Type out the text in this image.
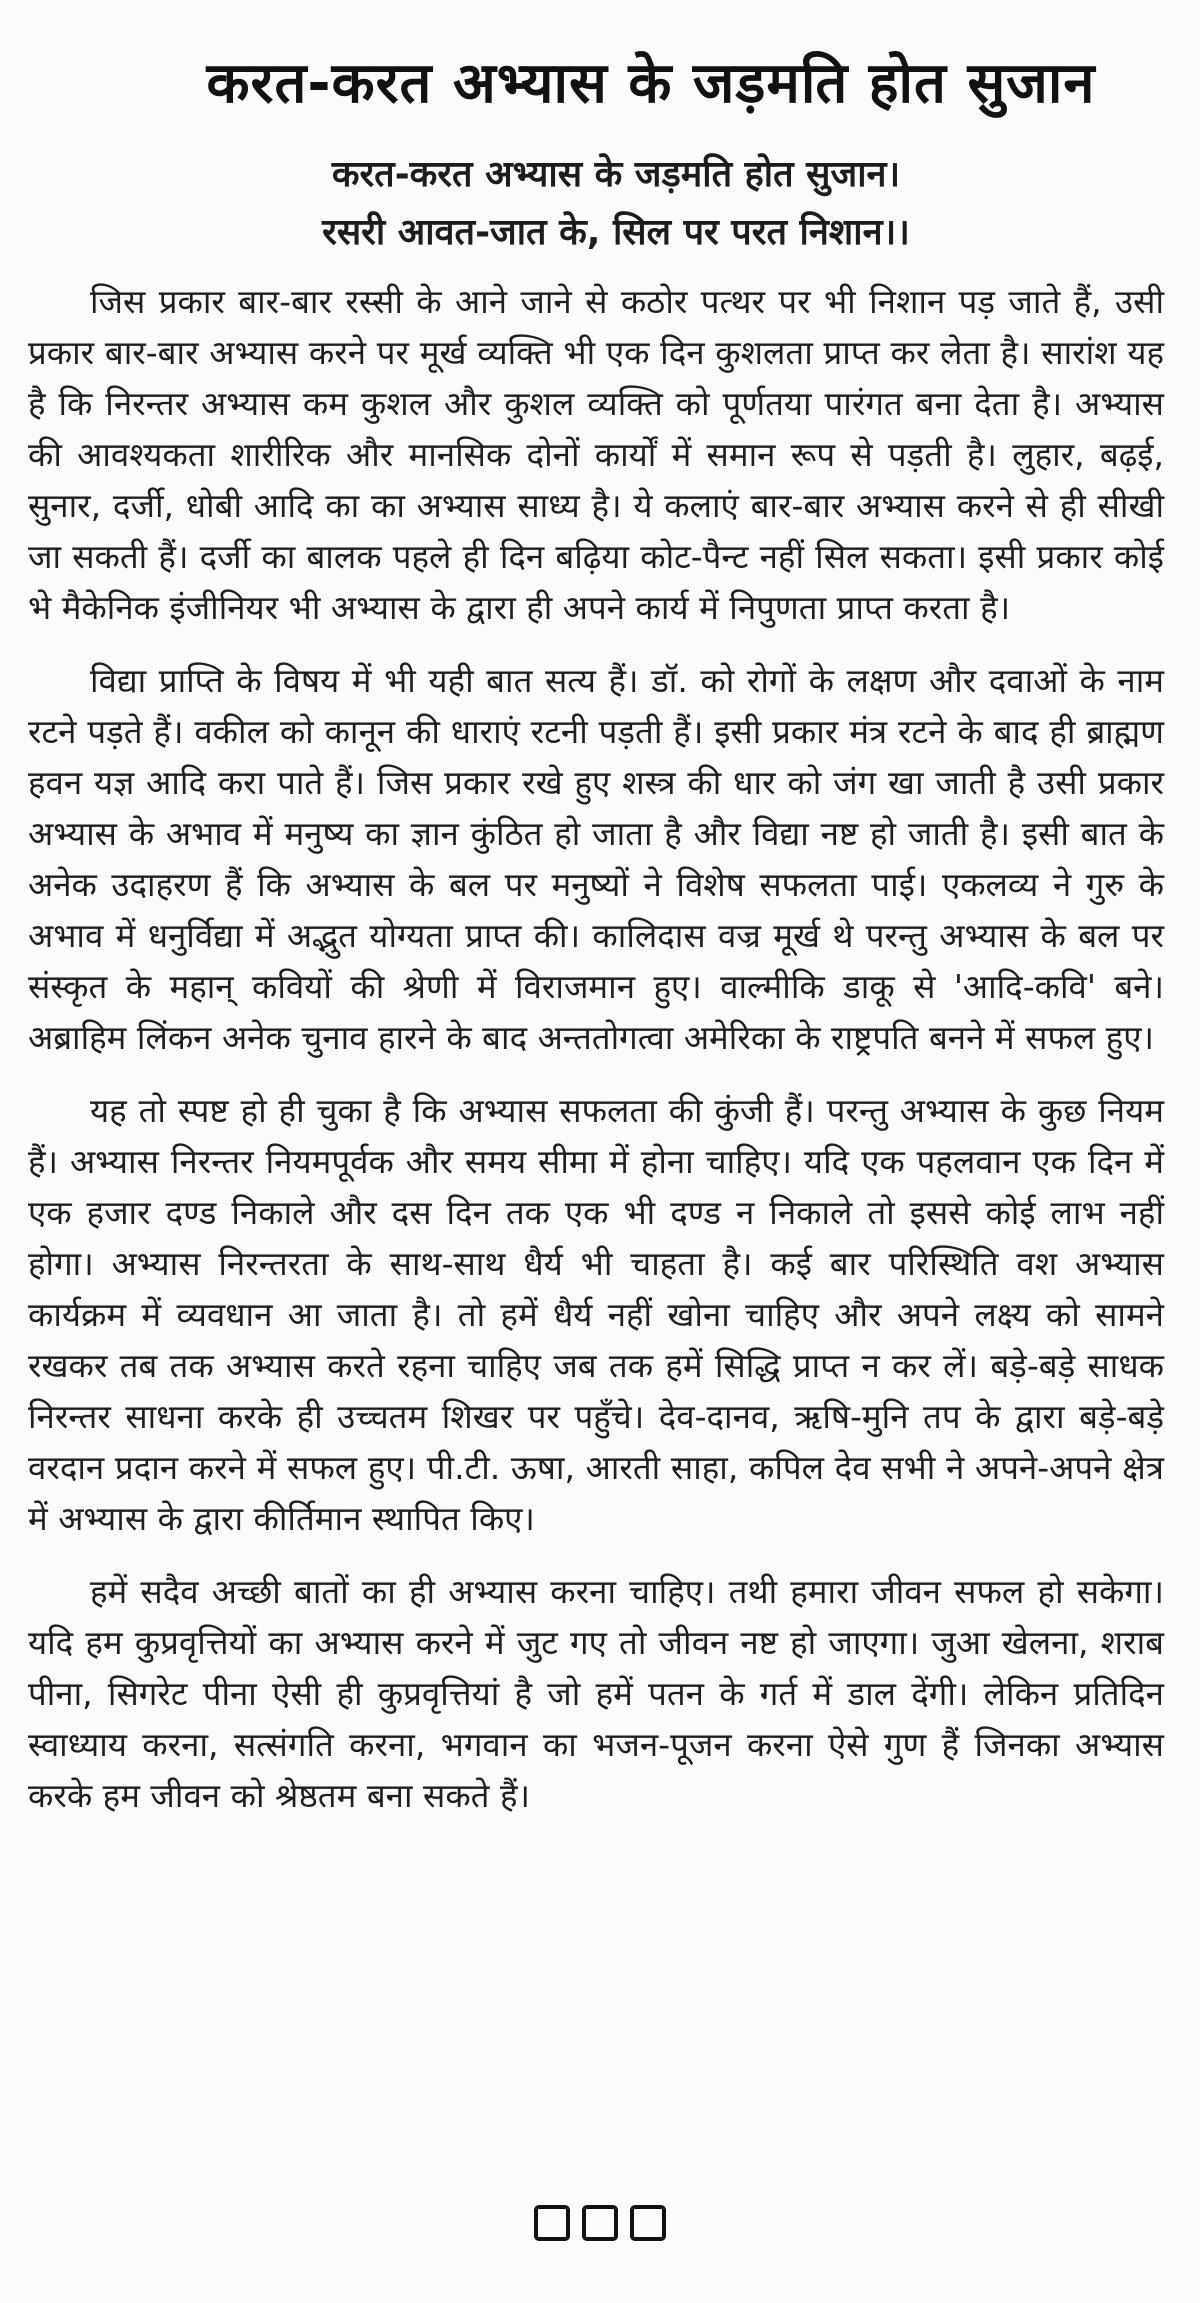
करत-करत अभ्यास के जड़मति होत सुजान
करत-करत अभ्यास के जड़मति होत सुजान।
रसरी आवत-जात के, सिल पर परत निशान।।

जिस प्रकार बार-बार रस्सी के आने जाने से कठोर पत्थर पर भी निशान पड़ जाते हैं, उसी प्रकार बार-बार अभ्यास करने पर मूर्ख व्यक्ति भी एक दिन कुशलता प्राप्त कर लेता है। सारांश यह है कि निरन्तर अभ्यास कम कुशल और कुशल व्यक्ति को पूर्णतया पारंगत बना देता है। अभ्यास की आवश्यकता शारीरिक और मानसिक दोनों कार्यों में समान रूप से पड़ती है। लुहार, बढ़ई, सुनार, दर्जी, धोबी आदि का का अभ्यास साध्य है। ये कलाएं बार-बार अभ्यास करने से ही सीखी जा सकती हैं। दर्जी का बालक पहले ही दिन बढ़िया कोट-पैन्ट नहीं सिल सकता। इसी प्रकार कोई भे मैकेनिक इंजीनियर भी अभ्यास के द्वारा ही अपने कार्य में निपुणता प्राप्त करता है।

विद्या प्राप्ति के विषय में भी यही बात सत्य हैं। डॉ. को रोगों के लक्षण और दवाओं के नाम रटने पड़ते हैं। वकील को कानून की धाराएं रटनी पड़ती हैं। इसी प्रकार मंत्र रटने के बाद ही ब्राह्मण हवन यज्ञ आदि करा पाते हैं। जिस प्रकार रखे हुए शस्त्र की धार को जंग खा जाती है उसी प्रकार अभ्यास के अभाव में मनुष्य का ज्ञान कुंठित हो जाता है और विद्या नष्ट हो जाती है। इसी बात के अनेक उदाहरण हैं कि अभ्यास के बल पर मनुष्यों ने विशेष सफलता पाई। एकलव्य ने गुरु के अभाव में धनुर्विद्या में अद्भुत योग्यता प्राप्त की। कालिदास वज्र मूर्ख थे परन्तु अभ्यास के बल पर संस्कृत के महान् कवियों की श्रेणी में विराजमान हुए। वाल्मीकि डाकू से 'आदि-कवि' बने। अब्राहिम लिंकन अनेक चुनाव हारने के बाद अन्ततोगत्वा अमेरिका के राष्ट्रपति बनने में सफल हुए।

यह तो स्पष्ट हो ही चुका है कि अभ्यास सफलता की कुंजी हैं। परन्तु अभ्यास के कुछ नियम हैं। अभ्यास निरन्तर नियमपूर्वक और समय सीमा में होना चाहिए। यदि एक पहलवान एक दिन में एक हजार दण्ड निकाले और दस दिन तक एक भी दण्ड न निकाले तो इससे कोई लाभ नहीं होगा। अभ्यास निरन्तरता के साथ-साथ धैर्य भी चाहता है। कई बार परिस्थिति वश अभ्यास कार्यक्रम में व्यवधान आ जाता है। तो हमें धैर्य नहीं खोना चाहिए और अपने लक्ष्य को सामने रखकर तब तक अभ्यास करते रहना चाहिए जब तक हमें सिद्धि प्राप्त न कर लें। बड़े-बड़े साधक निरन्तर साधना करके ही उच्चतम शिखर पर पहुँचे। देव-दानव, ऋषि-मुनि तप के द्वारा बड़े-बड़े वरदान प्रदान करने में सफल हुए। पी.टी. ऊषा, आरती साहा, कपिल देव सभी ने अपने-अपने क्षेत्र में अभ्यास के द्वारा कीर्तिमान स्थापित किए।

हमें सदैव अच्छी बातों का ही अभ्यास करना चाहिए। तथी हमारा जीवन सफल हो सकेगा। यदि हम कुप्रवृत्तियों का अभ्यास करने में जुट गए तो जीवन नष्ट हो जाएगा। जुआ खेलना, शराब पीना, सिगरेट पीना ऐसी ही कुप्रवृत्तियां है जो हमें पतन के गर्त में डाल देंगी। लेकिन प्रतिदिन स्वाध्याय करना, सत्संगति करना, भगवान का भजन-पूजन करना ऐसे गुण हैं जिनका अभ्यास करके हम जीवन को श्रेष्ठतम बना सकते हैं।
